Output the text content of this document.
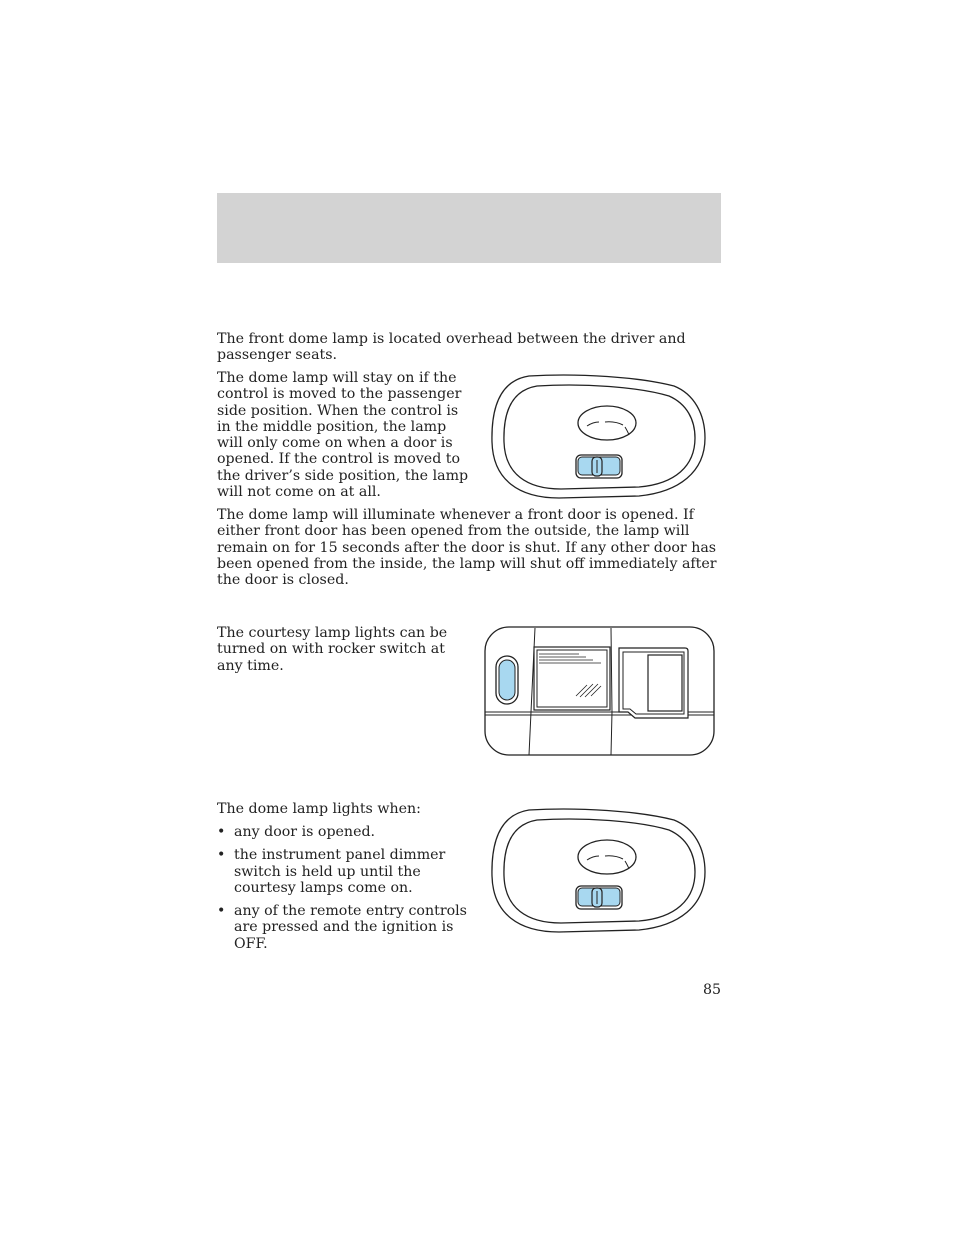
The front dome lamp is located overhead between the driver and passenger seats.

The dome lamp will stay on if the control is moved to the passenger side position. When the control is in the middle position, the lamp will only come on when a door is opened. If the control is moved to the driver’s side position, the lamp will not come on at all.

The dome lamp will illuminate whenever a front door is opened. If either front door has been opened from the outside, the lamp will remain on for 15 seconds after the door is shut. If any other door has been opened from the inside, the lamp will shut off immediately after the door is closed.

The courtesy lamp lights can be turned on with rocker switch at any time.

The dome lamp lights when:

• any door is opened.
• the instrument panel dimmer switch is held up until the courtesy lamps come on.
• any of the remote entry controls are pressed and the ignition is OFF.
85
